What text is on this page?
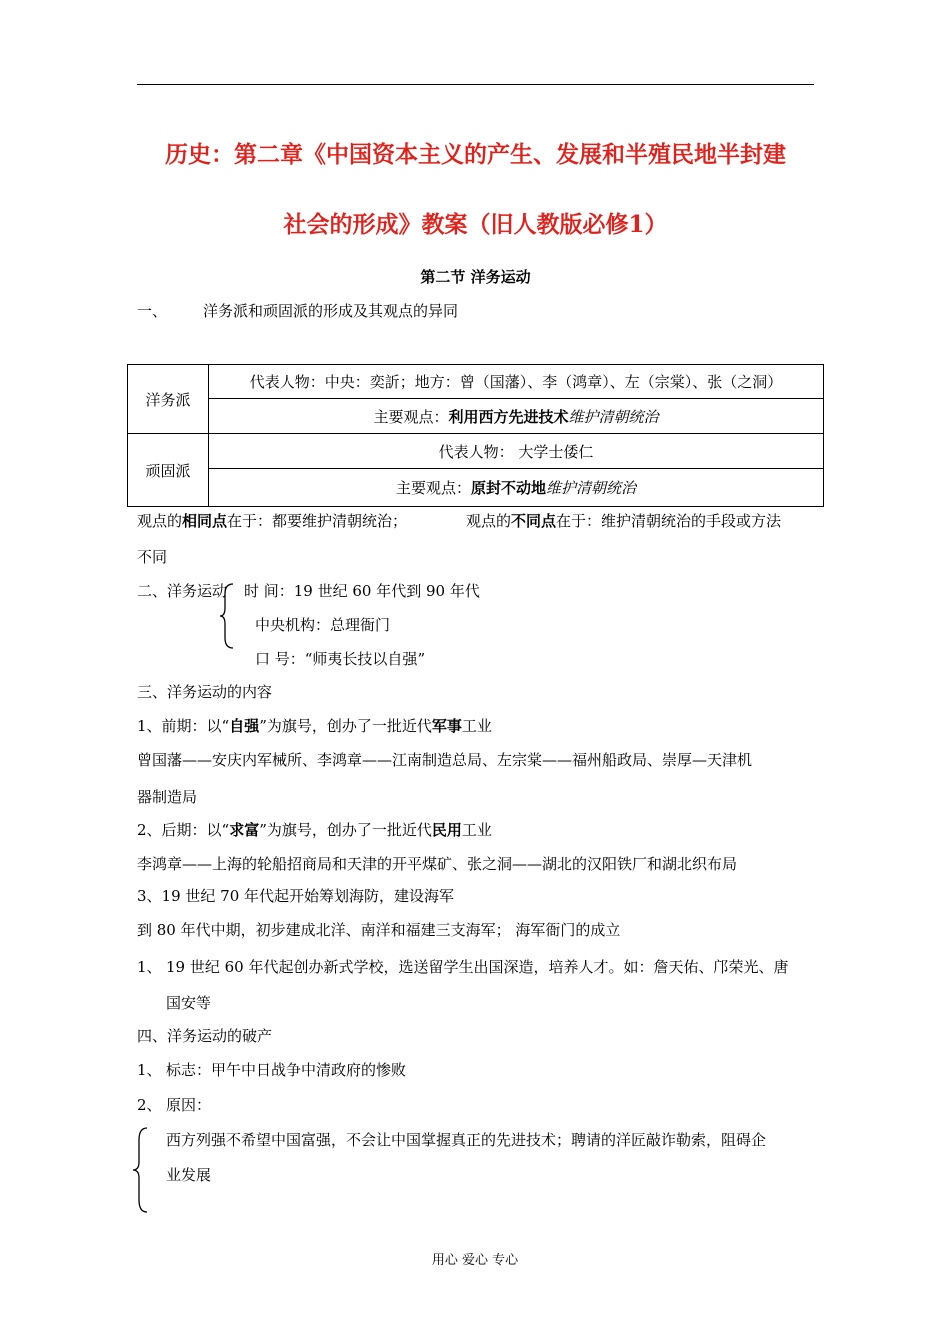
历史：第二章《中国资本主义的产生、发展和半殖民地半封建
社会的形成》教案（旧人教版必修1）
第二节 洋务运动
一、 洋务派和顽固派的形成及其观点的异同
洋务派	代表人物：中央：奕訢；地方：曾（国藩）、李（鸿章）、左（宗棠）、张（之洞）
	主要观点：利用西方先进技术维护清朝统治
顽固派	代表人物： 大学士倭仁
	主要观点：原封不动地维护清朝统治
观点的相同点在于：都要维护清朝统治；	观点的不同点在于：维护清朝统治的手段或方法
不同
二、洋务运动 时 间：19 世纪 60 年代到 90 年代
中央机构：总理衙门
口 号：“师夷长技以自强”
三、洋务运动的内容
1、前期：以“自强”为旗号，创办了一批近代军事工业
曾国藩——安庆内军械所、李鸿章——江南制造总局、左宗棠——福州船政局、崇厚—天津机
器制造局
2、后期：以“求富”为旗号，创办了一批近代民用工业
李鸿章——上海的轮船招商局和天津的开平煤矿、张之洞——湖北的汉阳铁厂和湖北织布局
3、19 世纪 70 年代起开始筹划海防，建设海军
到 80 年代中期，初步建成北洋、南洋和福建三支海军； 海军衙门的成立
1、 19 世纪 60 年代起创办新式学校，选送留学生出国深造，培养人才。如：詹天佑、邝荣光、唐
国安等
四、洋务运动的破产
1、 标志：甲午中日战争中清政府的惨败
2、 原因：
西方列强不希望中国富强，不会让中国掌握真正的先进技术；聘请的洋匠敲诈勒索，阻碍企
业发展
用心 爱心 专心
